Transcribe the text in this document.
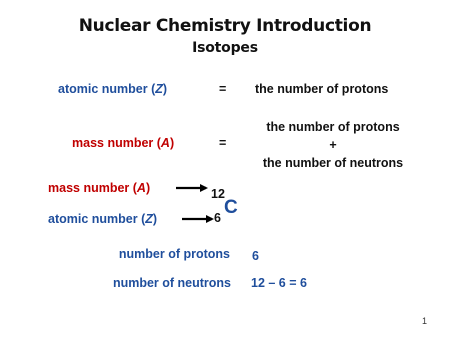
Nuclear Chemistry Introduction
Isotopes
atomic number (Z)	= the number of protons
mass number (A)	=
the number of protons
+
the number of neutrons
mass number (A)
atomic number (Z)
12
C
6
number of protons 6
number of neutrons 12 – 6 = 6
1
